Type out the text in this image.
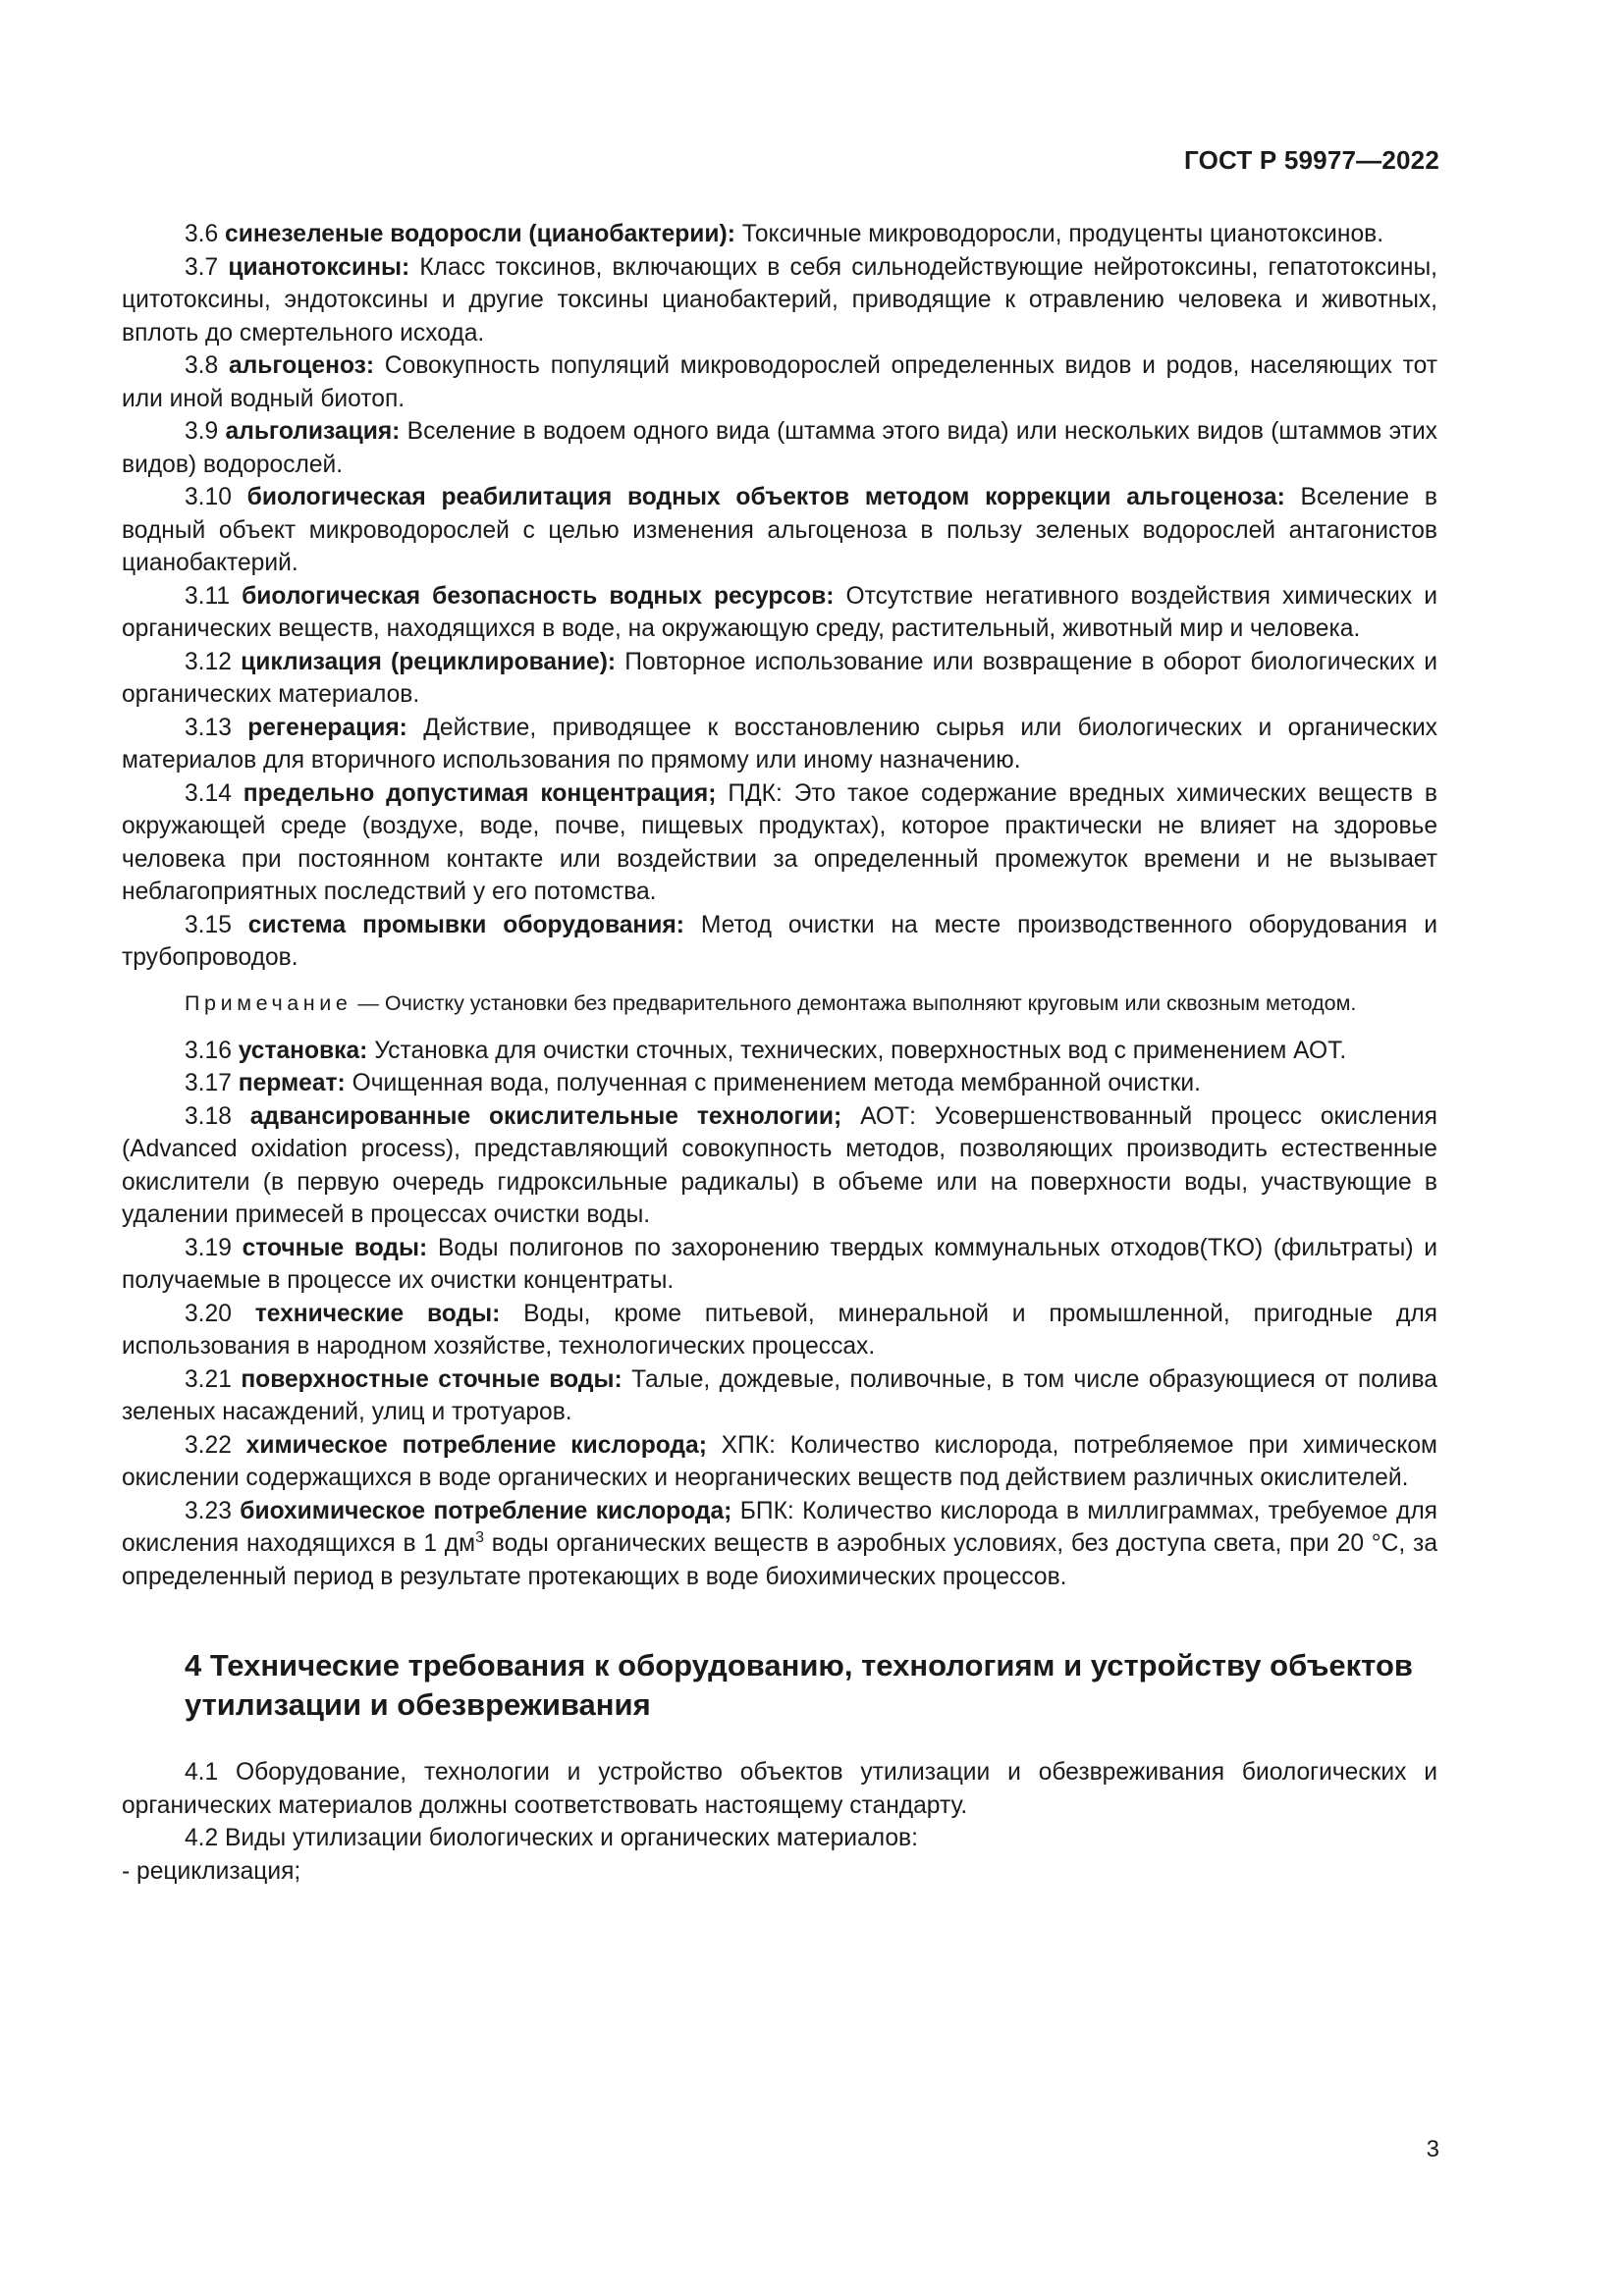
ГОСТ Р 59977—2022

3.6 синезеленые водоросли (цианобактерии): Токсичные микроводоросли, продуценты цианотоксинов.

3.7 цианотоксины: Класс токсинов, включающих в себя сильнодействующие нейротоксины, гепатотоксины, цитотоксины, эндотоксины и другие токсины цианобактерий, приводящие к отравлению человека и животных, вплоть до смертельного исхода.

3.8 альгоценоз: Совокупность популяций микроводорослей определенных видов и родов, населяющих тот или иной водный биотоп.

3.9 альголизация: Вселение в водоем одного вида (штамма этого вида) или нескольких видов (штаммов этих видов) водорослей.

3.10 биологическая реабилитация водных объектов методом коррекции альгоценоза: Вселение в водный объект микроводорослей с целью изменения альгоценоза в пользу зеленых водорослей антагонистов цианобактерий.

3.11 биологическая безопасность водных ресурсов: Отсутствие негативного воздействия химических и органических веществ, находящихся в воде, на окружающую среду, растительный, животный мир и человека.

3.12 циклизация (рециклирование): Повторное использование или возвращение в оборот биологических и органических материалов.

3.13 регенерация: Действие, приводящее к восстановлению сырья или биологических и органических материалов для вторичного использования по прямому или иному назначению.

3.14 предельно допустимая концентрация; ПДК: Это такое содержание вредных химических веществ в окружающей среде (воздухе, воде, почве, пищевых продуктах), которое практически не влияет на здоровье человека при постоянном контакте или воздействии за определенный промежуток времени и не вызывает неблагоприятных последствий у его потомства.

3.15 система промывки оборудования: Метод очистки на месте производственного оборудования и трубопроводов.

Примечание — Очистку установки без предварительного демонтажа выполняют круговым или сквозным методом.

3.16 установка: Установка для очистки сточных, технических, поверхностных вод с применением АОТ.

3.17 пермеат: Очищенная вода, полученная с применением метода мембранной очистки.

3.18 адвансированные окислительные технологии; АОТ: Усовершенствованный процесс окисления (Advanced oxidation process), представляющий совокупность методов, позволяющих производить естественные окислители (в первую очередь гидроксильные радикалы) в объеме или на поверхности воды, участвующие в удалении примесей в процессах очистки воды.

3.19 сточные воды: Воды полигонов по захоронению твердых коммунальных отходов(ТКО) (фильтраты) и получаемые в процессе их очистки концентраты.

3.20 технические воды: Воды, кроме питьевой, минеральной и промышленной, пригодные для использования в народном хозяйстве, технологических процессах.

3.21 поверхностные сточные воды: Талые, дождевые, поливочные, в том числе образующиеся от полива зеленых насаждений, улиц и тротуаров.

3.22 химическое потребление кислорода; ХПК: Количество кислорода, потребляемое при химическом окислении содержащихся в воде органических и неорганических веществ под действием различных окислителей.

3.23 биохимическое потребление кислорода; БПК: Количество кислорода в миллиграммах, требуемое для окисления находящихся в 1 $дм^3$ воды органических веществ в аэробных условиях, без доступа света, при 20 °С, за определенный период в результате протекающих в воде биохимических процессов.

4 Технические требования к оборудованию, технологиям и устройству объектов утилизации и обезвреживания

4.1 Оборудование, технологии и устройство объектов утилизации и обезвреживания биологических и органических материалов должны соответствовать настоящему стандарту.

4.2 Виды утилизации биологических и органических материалов:

- рециклизация;

3
